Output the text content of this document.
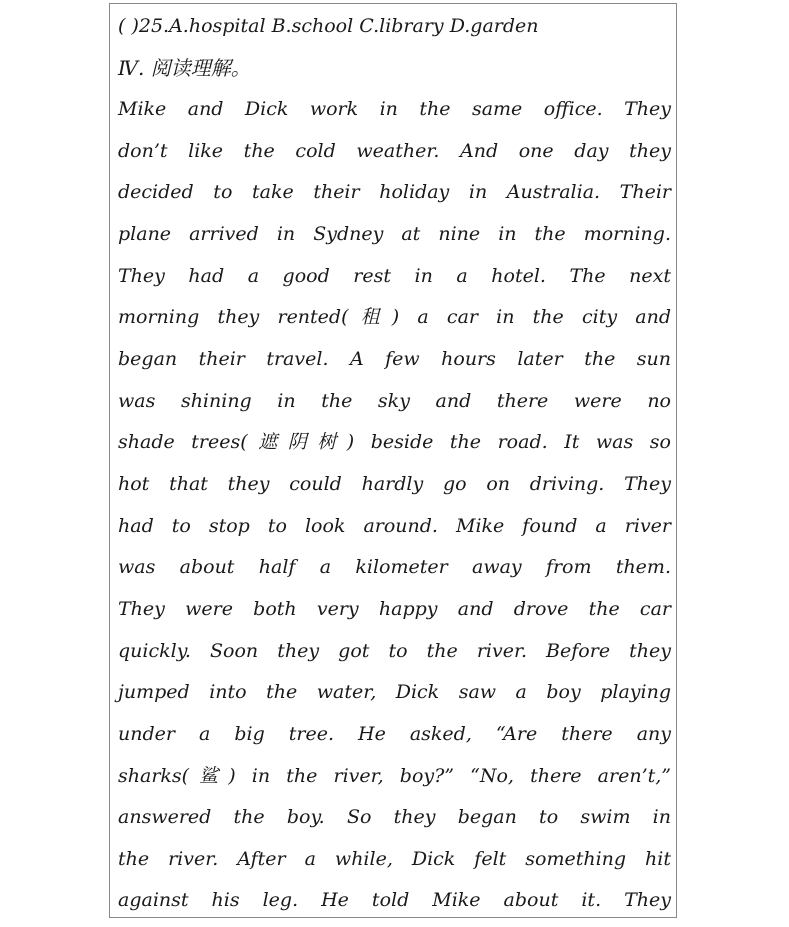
( )25.A.hospital B.school C.library D.garden
Ⅳ. 阅读理解。
Mike and Dick work in the same office. They
don’t like the cold weather. And one day they
decided to take their holiday in Australia. Their
plane arrived in Sydney at nine in the morning.
They had a good rest in a hotel. The next
morning they rented(租) a car in the city and
began their travel. A few hours later the sun
was shining in the sky and there were no
shade trees(遮阴树) beside the road. It was so
hot that they could hardly go on driving. They
had to stop to look around. Mike found a river
was about half a kilometer away from them.
They were both very happy and drove the car
quickly. Soon they got to the river. Before they
jumped into the water, Dick saw a boy playing
under a big tree. He asked, “Are there any
sharks(鲨) in the river, boy?” “No, there aren’t,”
answered the boy. So they began to swim in
the river. After a while, Dick felt something hit
against his leg. He told Mike about it. They
